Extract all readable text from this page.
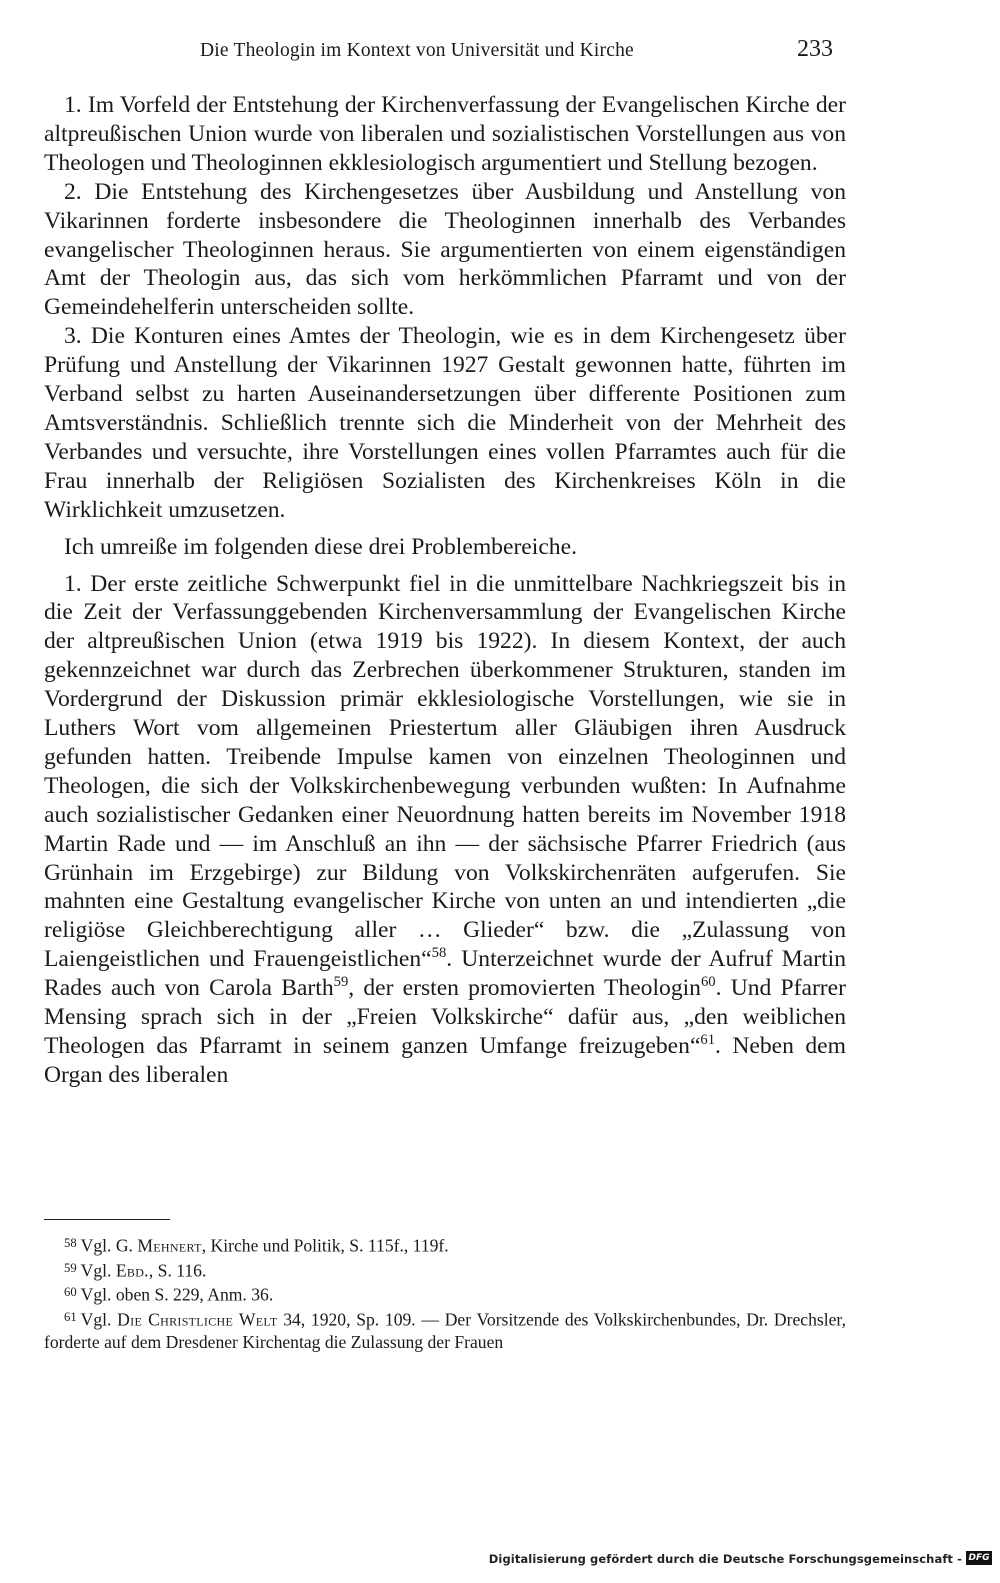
Die Theologin im Kontext von Universität und Kirche	233

1. Im Vorfeld der Entstehung der Kirchenverfassung der Evangelischen Kirche der altpreußischen Union wurde von liberalen und sozialistischen Vorstellungen aus von Theologen und Theologinnen ekklesiologisch argumentiert und Stellung bezogen.

2. Die Entstehung des Kirchengesetzes über Ausbildung und Anstellung von Vikarinnen forderte insbesondere die Theologinnen innerhalb des Verbandes evangelischer Theologinnen heraus. Sie argumentierten von einem eigenständigen Amt der Theologin aus, das sich vom herkömmlichen Pfarramt und von der Gemeindehelferin unterscheiden sollte.

3. Die Konturen eines Amtes der Theologin, wie es in dem Kirchengesetz über Prüfung und Anstellung der Vikarinnen 1927 Gestalt gewonnen hatte, führten im Verband selbst zu harten Auseinandersetzungen über differente Positionen zum Amtsverständnis. Schließlich trennte sich die Minderheit von der Mehrheit des Verbandes und versuchte, ihre Vorstellungen eines vollen Pfarramtes auch für die Frau innerhalb der Religiösen Sozialisten des Kirchenkreises Köln in die Wirklichkeit umzusetzen.

Ich umreiße im folgenden diese drei Problembereiche.

1. Der erste zeitliche Schwerpunkt fiel in die unmittelbare Nachkriegszeit bis in die Zeit der Verfassunggebenden Kirchenversammlung der Evangelischen Kirche der altpreußischen Union (etwa 1919 bis 1922). In diesem Kontext, der auch gekennzeichnet war durch das Zerbrechen überkommener Strukturen, standen im Vordergrund der Diskussion primär ekklesiologische Vorstellungen, wie sie in Luthers Wort vom allgemeinen Priestertum aller Gläubigen ihren Ausdruck gefunden hatten. Treibende Impulse kamen von einzelnen Theologinnen und Theologen, die sich der Volkskirchenbewegung verbunden wußten: In Aufnahme auch sozialistischer Gedanken einer Neuordnung hatten bereits im November 1918 Martin Rade und — im Anschluß an ihn — der sächsische Pfarrer Friedrich (aus Grünhain im Erzgebirge) zur Bildung von Volkskirchenräten aufgerufen. Sie mahnten eine Gestaltung evangelischer Kirche von unten an und intendierten „die religiöse Gleichberechtigung aller … Glieder“ bzw. die „Zulassung von Laiengeistlichen und Frauengeistlichen“$^{58}$. Unterzeichnet wurde der Aufruf Martin Rades auch von Carola Barth$^{59}$, der ersten promovierten Theologin$^{60}$. Und Pfarrer Mensing sprach sich in der „Freien Volkskirche“ dafür aus, „den weiblichen Theologen das Pfarramt in seinem ganzen Umfange freizugeben“$^{61}$. Neben dem Organ des liberalen

$^{58}$ Vgl. G. Mehnert, Kirche und Politik, S. 115f., 119f.

$^{59}$ Vgl. Ebd., S. 116.

$^{60}$ Vgl. oben S. 229, Anm. 36.

$^{61}$ Vgl. Die Christliche Welt 34, 1920, Sp. 109. — Der Vorsitzende des Volkskirchenbundes, Dr. Drechsler, forderte auf dem Dresdener Kirchentag die Zulassung der Frauen

Digitalisierung gefördert durch die Deutsche Forschungsgemeinschaft - DFG
